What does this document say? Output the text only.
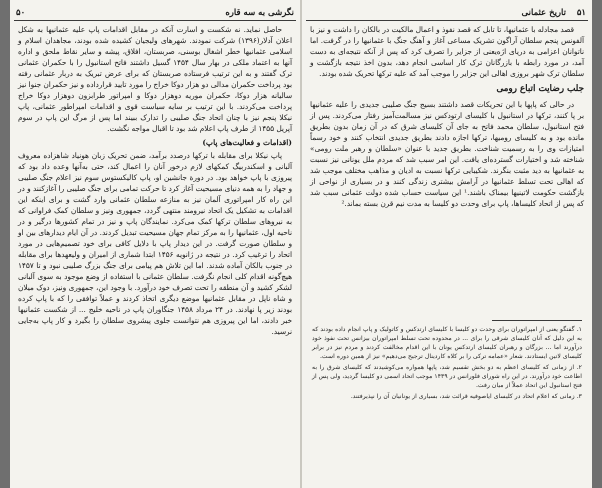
۵۰	نگرشی به سه قاره

حاصل نماید. نه شکست و اسارت آنکه در مقابل اقدامات پاپ علیه عثمانیها به شکل اعلان آدلار(۱۳۹۶) شرکت نمودند. شهرهای ولیجیان کشیده شده بودند، مجاهدان اسلام و اسلامی عثمانیها خطر اشغال بوسنی، صربستان، افلاق، پیشه و سایر نقاط ملحق و اداره آنها به اعتماد ملکی در بهار سال ۱۴۵۴ گسیل داشتند فاتح استانبول را با حکمران عثمانی ترک گفتند و به این ترتیب فرستاده صربستان که برای عرض تبریک به دربار عثمانی رفته بود پرداخت حکمران مدالی دو هزار دوکا خراج را مورد تایید قرارداده و نیز حکمران جنوا نیز سالیانه هزار دوکا، حکمران موریه دوهزار دوکا و امپراتور طرابزون دوهزار دوکا خراج پرداخت می‌کردند. با این ترتیب بر سایه سیاست قوی و اقدامات امپراطور عثمانی، پاپ نیکلا پنجم نیز با چنان اتحاد جنگ صلیبی را تدارک ببیند اما پس از مرگ این پاپ در سوم آپریل ۱۴۵۵ از طرف پاپ اعلام شد بود تا اقبال مواجه نگشت.

(اقدامات و فعالیت‌های پاپ)

پاپ نیکلا برای مقابله با ترکها درصدد برآمد، ضمن تحریک زبان هونیاد شاهزاده معروف آلبانی و اسکندربیگ کمکهای لازم درخور آنان را اعمال کند، حتی به‌آنها وعده داد بود که پیروزی با پاپ خواهد بود. در دورة جانشین او، پاپ کالیکستوس سوم نیز اعلام جنگ صلیبی و جهاد را به همه دنیای مسیحیت آغاز کرد تا حرکت تمامی برای جنگ صلیبی را آغازکنند و در این راه کار امپراتوری آلمان نیز به منازعه سلطان عثمانی وارد گشت و برای اینکه این اقدامات به تشکیل یک اتحاد نیرومند منتهی گردد، جمهوری ونیز و سلطان کمک فراوانی که به نیروهای سلطان ترکها کمک می‌کرد. نمایندگان پاپ و نیز در تمام کشورها درگیر و در ناحیه اول، عثمانیها را به مرکز تمام جهان مسیحیت تبدیل کردند. در آن ایام دیدارهای بین او و سلطان صورت گرفت. در این دیدار پاپ با دلایل کافی برای خود تصمیم‌هایی در مورد اتحاد را ترغیب کرد. در نتیجه در ژانویه ۱۴۵۶ ابتدا شماری از امیران و ولیعهدها برای مقابله در جنوب بالکان آماده شدند. اما این تلاش هم پیامی برای جنگ بزرگ صلیبی نبود و تا ۱۴۵۷ هیچ‌گونه اقدام کلی انجام نگرفت. سلطان عثمانی با استفاده از وضع موجود به سوی آلبانی لشکر کشید و آن منطقه را تحت تصرف خود درآورد. با وجود این، جمهوری ونیز، دوک میلان و شاه ناپل در مقابل عثمانیها موضع دیگری اتخاذ کردند و عملاً توافقی را که با پاپ کرده بودند زیر پا نهادند. در ۲۴ مرداد ۱۴۵۸ جنگاوران پاپ در ناحیه خلیج ... از شکست عثمانیها خبر دادند، اما این پیروزی هم نتوانست جلوی پیشروی سلطان را بگیرد و کار پاپ به‌جایی نرسید.

۵۱
تاریخ عثمانی

قصد مجادله با عثمانیها، تا تابل که قصد نفوذ و اعمال مالکیت در بالکان را داشت و نیز با آلفونس پنجم سلطان آراگون تشریک مساعی آغاز و آهنگ جنگ با عثمانیها را در گرفت. اما ناتوانان اعزامی به دریای اژه‌یعنی از جزایر را تصرف کرد که پس از آنکه نتیجه‌ای به دست آمد، در مورد رابطه با بازرگانان ترک کار اساسی انجام دهد، بدون اخذ نتیجه بازگشت و سلطان ترک شهر بروزی اهالی این جزایر را موجب آمد که علیه ترکها تحریک شده بودند.

جلب رضایت اتباع رومی

در حالی که پاپها با این تحریکات قصد داشتند بسیج جنگ صلیبی جدیدی را علیه عثمانیها بر پا کنند، ترکها در استانبول با کلیسای ارتودکس نیز مسالمت‌آمیز رفتار می‌کردند. پس از فتح استانبول، سلطان محمد فاتح به جای آن کلیسای شرق که در آن زمان بدون بطریق مانده بود و به کلیسای رومیها، ترکها اجازه دادند بطریق جدیدی انتخاب کنند و خود رسماً امتیازات وی را به رسمیت شناخت. بطریق جدید با عنوان «سلطان و رهبر ملت رومی» شناخته شد و اختیارات گسترده‌ای یافت. این امر سبب شد که مردم ملل یونانی نیز نسبت به عثمانیها به دید مثبت بنگرند. شکیبایی ترکها نسبت به ادیان و مذاهب مختلف موجب شد که اهالی تحت تسلط عثمانیها در آرامش بیشتری زندگی کنند و در بسیاری از نواحی از بازگشت حکومت لاتینیها بیمناک باشند.¹ این سیاست حساب شده دولت عثمانی سبب شد که پس از اتحاد کلیساها، پاپ برای وحدت دو کلیسا به مدت نیم قرن بسته بماند.²

۱. گفتگو یعنی از امپراتوران برای وحدت دو کلیسا با کلیسای ارتدکس و کاتولیک و پاپ انجام داده بودند که به این دلیل که آنان کلیسای شرقی را برای ... در محدوده تحت تسلط امپراتوران بیزانس تحت نفوذ خود درآورند اما ... بزرگان و رهبران کلیسای ارتدکس یونان با این اقدام مخالفت کردند و مردم نیز در برابر کلیسای لاتین ایستادند. شعار «عمامه ترکی را بر کلاه کاردینال ترجیح می‌دهیم» نیز از همین دوره است.

۲. از زمانی که کلیسای اعظم به دو بخش تقسیم شد، پاپها همواره می‌کوشیدند که کلیسای شرق را به اطاعت خود درآورند. در این راه شورای فلورانس در ۱۴۳۹ موجب اتحاد اسمی دو کلیسا گردید، ولی پس از فتح استانبول این اتحاد عملاً از میان رفت.

۳. زمانی که اعلام اتحاد در کلیسای ایاصوفیه قرائت شد، بسیاری از یونانیان آن را نپذیرفتند.
